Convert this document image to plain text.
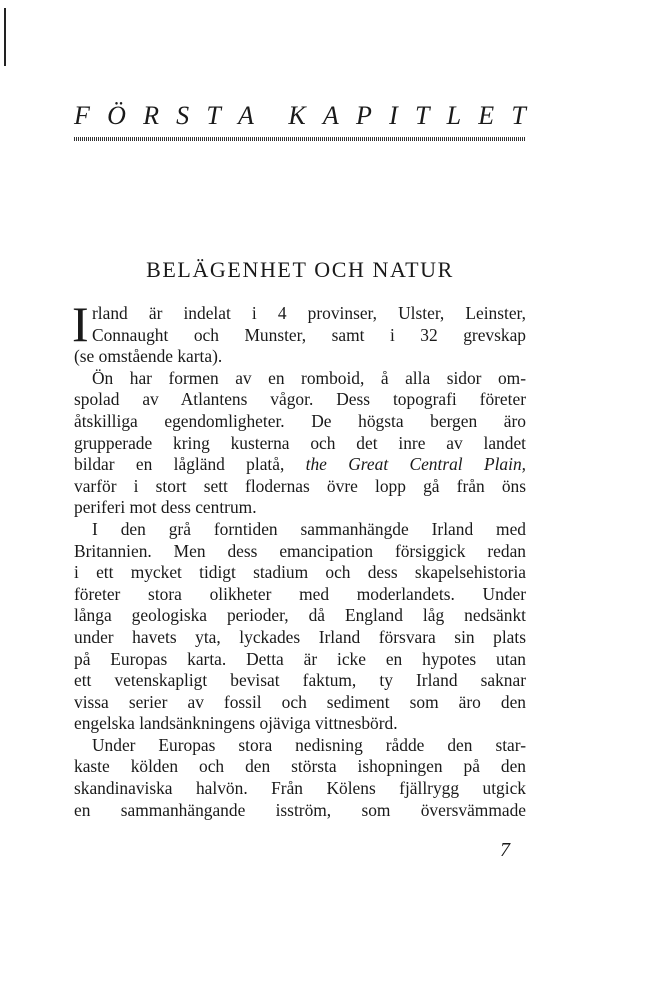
F Ö R S T A K A P I T L E T
BELÄGENHET OCH NATUR
I rland är indelat i 4 provinser, Ulster, Leinster,
Connaught och Munster, samt i 32 grevskap
(se omstående karta).
Ön har formen av en romboid, å alla sidor om-
spolad av Atlantens vågor. Dess topografi företer
åtskilliga egendomligheter. De högsta bergen äro
grupperade kring kusterna och det inre av landet
bildar en lågländ platå, the Great Central Plain,
varför i stort sett flodernas övre lopp gå från öns
periferi mot dess centrum.
I den grå forntiden sammanhängde Irland med
Britannien. Men dess emancipation försiggick redan
i ett mycket tidigt stadium och dess skapelsehistoria
företer stora olikheter med moderlandets. Under
långa geologiska perioder, då England låg nedsänkt
under havets yta, lyckades Irland försvara sin plats
på Europas karta. Detta är icke en hypotes utan
ett vetenskapligt bevisat faktum, ty Irland saknar
vissa serier av fossil och sediment som äro den
engelska landsänkningens ojäviga vittnesbörd.
Under Europas stora nedisning rådde den star-
kaste kölden och den största ishopningen på den
skandinaviska halvön. Från Kölens fjällrygg utgick
en sammanhängande isström, som översvämmade
7
